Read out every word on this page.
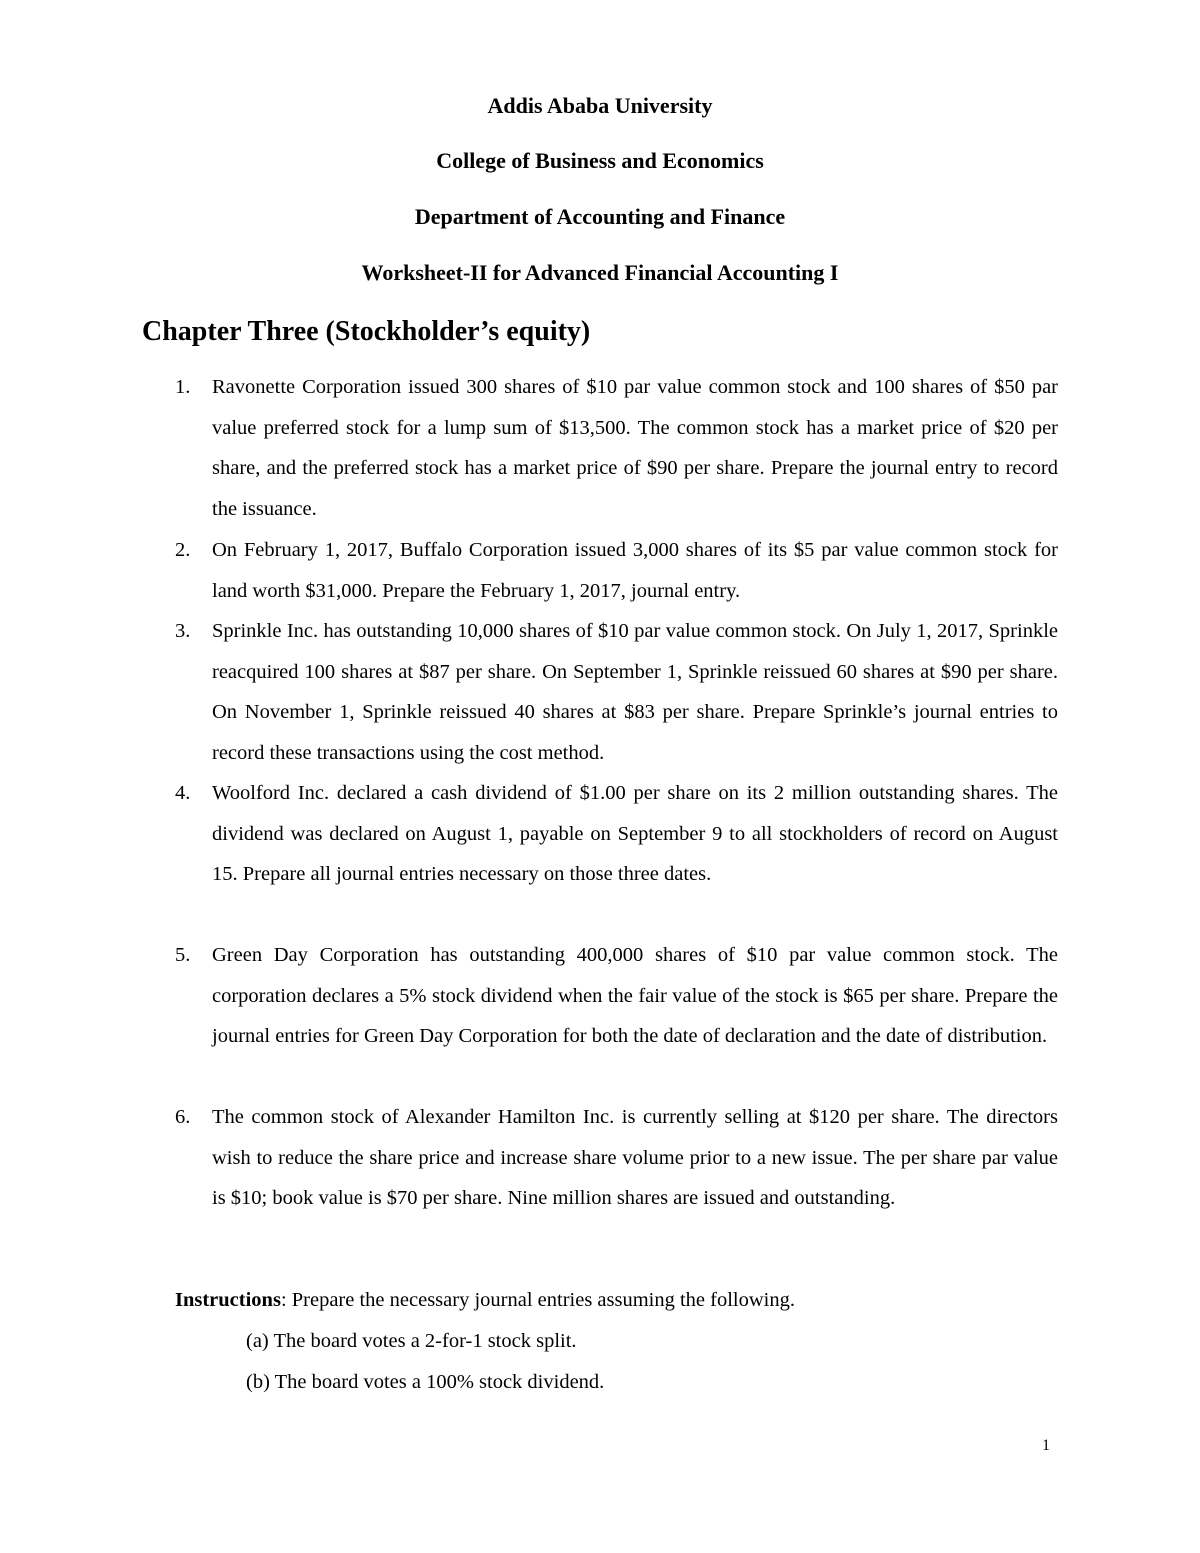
Addis Ababa University
College of Business and Economics
Department of Accounting and Finance
Worksheet-II for Advanced Financial Accounting I
Chapter Three (Stockholder’s equity)
1.	Ravonette Corporation issued 300 shares of $10 par value common stock and 100 shares of $50 par value preferred stock for a lump sum of $13,500. The common stock has a market price of $20 per share, and the preferred stock has a market price of $90 per share. Prepare the journal entry to record the issuance.
2.	On February 1, 2017, Buffalo Corporation issued 3,000 shares of its $5 par value common stock for land worth $31,000. Prepare the February 1, 2017, journal entry.
3.	Sprinkle Inc. has outstanding 10,000 shares of $10 par value common stock. On July 1, 2017, Sprinkle reacquired 100 shares at $87 per share. On September 1, Sprinkle reissued 60 shares at $90 per share. On November 1, Sprinkle reissued 40 shares at $83 per share. Prepare Sprinkle’s journal entries to record these transactions using the cost method.
4.	Woolford Inc. declared a cash dividend of $1.00 per share on its 2 million outstanding shares. The dividend was declared on August 1, payable on September 9 to all stockholders of record on August 15. Prepare all journal entries necessary on those three dates.
5.	Green Day Corporation has outstanding 400,000 shares of $10 par value common stock. The corporation declares a 5% stock dividend when the fair value of the stock is $65 per share. Prepare the journal entries for Green Day Corporation for both the date of declaration and the date of distribution.
6.	The common stock of Alexander Hamilton Inc. is currently selling at $120 per share. The directors wish to reduce the share price and increase share volume prior to a new issue. The per share par value is $10; book value is $70 per share. Nine million shares are issued and outstanding.
Instructions: Prepare the necessary journal entries assuming the following.
(a) The board votes a 2-for-1 stock split.
(b) The board votes a 100% stock dividend.
1
